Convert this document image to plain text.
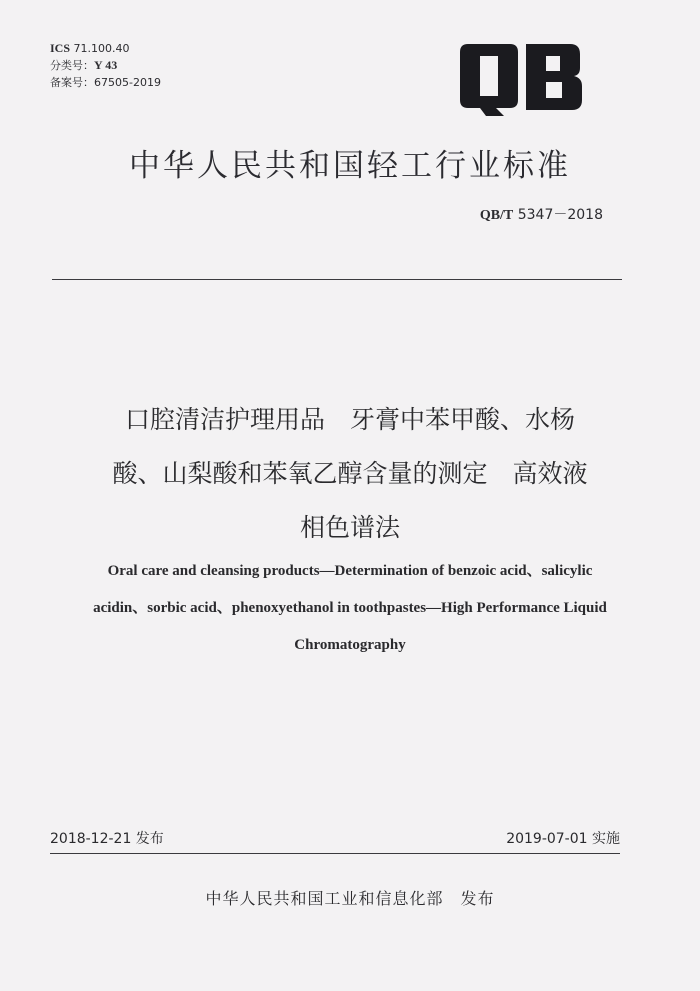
ICS 71.100.40
分类号：Y 43
备案号：67505-2019
中华人民共和国轻工行业标准
QB/T 5347－2018
口腔清洁护理用品　牙膏中苯甲酸、水杨
酸、山梨酸和苯氧乙醇含量的测定　高效液
相色谱法
Oral care and cleansing products—Determination of benzoic acid、salicylic
acidin、sorbic acid、phenoxyethanol in toothpastes—High Performance Liquid
Chromatography
2018-12-21 发布	2019-07-01 实施
中华人民共和国工业和信息化部　发布
